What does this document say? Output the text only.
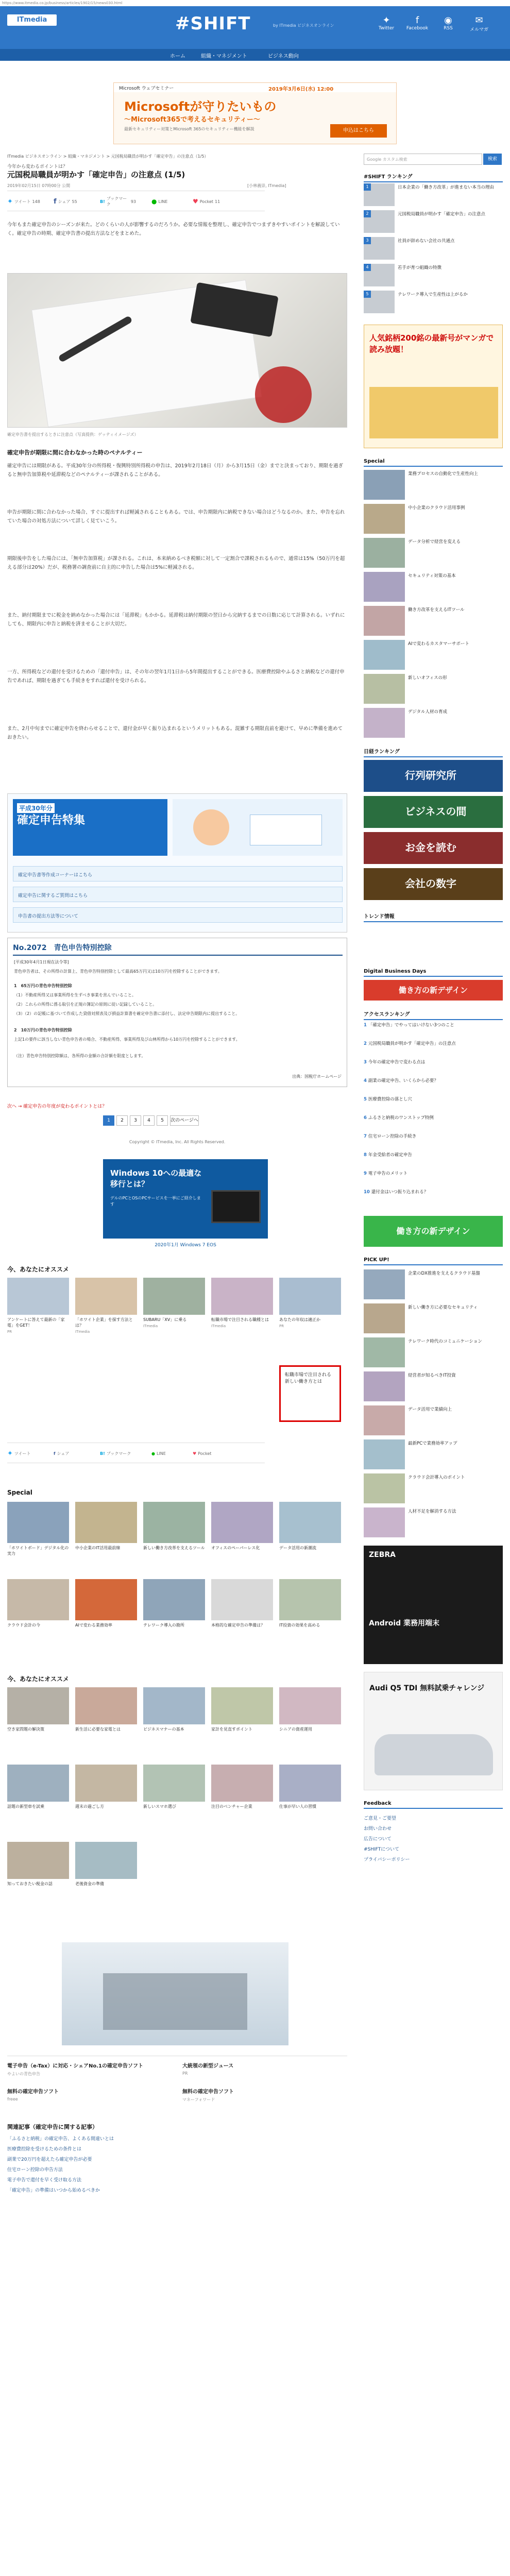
https://www.itmedia.co.jp/business/articles/1902/15/news030.html
ITmedia	#SHIFT	by ITmedia ビジネスオンライン	✦
Twitter
f
Facebook
◉
RSS
✉
メルマガ
ホーム	組織・マネジメント	ビジネス動向
Microsoft ウェブセミナー	2019年3月6日(水) 12:00
Microsoftが守りたいもの
〜Microsoft365で考えるセキュリティー〜
最新セキュリティー対策とMicrosoft 365のセキュリティー機能を解説	申込はこちら
ITmedia ビジネスオンライン > 組織・マネジメント > 元国税局職員が明かす「確定申告」の注意点（1/5）
今年から変わるポイントは？
元国税局職員が明かす「確定申告」の注意点 (1/5)
2019年02月15日 07時00分 公開	[小林義崇, ITmedia]
✦ ツイート 148 f シェア 55	B!
ブックマーク
93	● LINE	♥ Pocket 11
今年もまた確定申告のシーズンが来た。どのくらいの人が影響するのだろうか。必要な情報を整理し、確定申告でつまずきやすいポイントを解説していく。確定申告の時期、確定申告書の提出方法などをまとめた。
確定申告書を提出するときに注意点（写真提供：ゲッティイメージズ）
確定申告が期限に間に合わなかった時のペナルティー
確定申告には期限がある。平成30年分の所得税・復興特別所得税の申告は、2019年2月18日（月）から3月15日（金）までと決まっており、期限を過ぎると無申告加算税や延滞税などのペナルティーが課されることがある。
申告が期限に間に合わなかった場合、すぐに提出すれば軽減されることもある。では、申告期限内に納税できない場合はどうなるのか。また、申告を忘れていた場合の対処方法について詳しく見ていこう。
期限後申告をした場合には、「無申告加算税」が課される。これは、本来納めるべき税額に対して一定割合で課税されるもので、通常は15%（50万円を超える部分は20%）だが、税務署の調査前に自主的に申告した場合は5%に軽減される。
また、納付期限までに税金を納めなかった場合には「延滞税」もかかる。延滞税は納付期限の翌日から完納するまでの日数に応じて計算される。いずれにしても、期限内に申告と納税を済ませることが大切だ。
一方、所得税などの還付を受けるための「還付申告」は、その年の翌年1月1日から5年間提出することができる。医療費控除やふるさと納税などの還付申告であれば、期限を過ぎても手続きをすれば還付を受けられる。
また、2月中旬までに確定申告を終わらせることで、還付金が早く振り込まれるというメリットもある。混雑する期限直前を避けて、早めに準備を進めておきたい。
平成30年分
確定申告特集
確定申告書等作成コーナーはこちら
確定申告に関するご質問はこちら
申告書の提出方法等について
No.2072　青色申告特別控除
[平成30年4月1日現在法令等]
青色申告者は、その所得の計算上、青色申告特別控除として最高65万円又は10万円を控除することができます。
1　65万円の青色申告特別控除
（1）不動産所得又は事業所得を生ずべき事業を営んでいること。
（2）これらの所得に係る取引を正規の簿記の原則に従い記録していること。
（3）（2）の記帳に基づいて作成した貸借対照表及び損益計算書を確定申告書に添付し、法定申告期限内に提出すること。
2　10万円の青色申告特別控除
上記1の要件に該当しない青色申告者の場合、不動産所得、事業所得及び山林所得から10万円を控除することができます。
（注）青色申告特別控除額は、各所得の金額の合計額を限度とします。
出典：国税庁ホームページ
次へ → 確定申告の年度が変わるポイントとは？
1	2	3	4	5	次のページへ
Copyright © ITmedia, Inc. All Rights Reserved.
Windows 10への最適な移行とは？
デルのPCとOSのPCサービスを一挙にご紹介します
2020年1月 Windows 7 EOS
今、あなたにオススメ
アンケートに答えて最新の「家電」をGET！
PR
「ホワイト企業」を探す方法とは？
ITmedia
SUBARU「XV」に乗る
ITmedia
転職市場で注目される職種とは
ITmedia
あなたの年収は適正か
PR
転職市場で注目される新しい働き方とは
✦ ツイート	f シェア	B! ブックマーク	● LINE	♥ Pocket
Special
「ホワイトボード」デジタル化の実力
中小企業のIT活用最前線	新しい働き方改革を支えるツール オフィスのペーパーレス化	データ活用の新潮流
クラウド会計の今	AIで変わる業務効率	テレワーク導入の勘所	本格的な確定申告の準備は？	IT投資の効果を高める
今、あなたにオススメ
空き家問題の解決策	新生活に必要な家電とは	ビジネスマナーの基本	家計を見直すポイント	シニアの資産運用
話題の新型車を試乗	週末の過ごし方	新しいスマホ選び	注目のベンチャー企業	仕事が早い人の習慣
知っておきたい税金の話	老後資金の準備
電子申告（e-Tax）に対応・シェアNo.1の確定申告ソフト
やよいの青色申告
大統領の新型ジュース
PR
無料の確定申告ソフト
freee
無料の確定申告ソフト
マネーフォワード
関連記事（確定申告に関する記事）
「ふるさと納税」の確定申告、よくある間違いとは
医療費控除を受けるための条件とは
副業で20万円を超えたら確定申告が必要
住宅ローン控除の申告方法
電子申告で還付を早く受け取る方法
「確定申告」の準備はいつから始めるべきか
Google カスタム検索	検索
#SHIFT ランキング
1	日本企業の「働き方改革」が進まない本当の理由
2	元国税局職員が明かす「確定申告」の注意点
3	社員が辞めない会社の共通点
4	若手が育つ組織の特徴
5	テレワーク導入で生産性は上がるか
人気銘柄200銘の最新号がマンガで読み放題！
Special
業務プロセスの自動化で生産性向上
中小企業のクラウド活用事例
データ分析で経営を変える
セキュリティ対策の基本
働き方改革を支えるITツール
AIで変わるカスタマーサポート
新しいオフィスの形
デジタル人材の育成
日経ランキング
行列研究所
ビジネスの間
お金を読む
会社の数字
トレンド情報
Digital Business Days
働き方の新デザイン
アクセスランキング
1 「確定申告」でやってはいけない3つのこと
2 元国税局職員が明かす「確定申告」の注意点
3 今年の確定申告で変わる点は
4 副業の確定申告、いくらから必要？
5 医療費控除の落とし穴
6 ふるさと納税のワンストップ特例
7 住宅ローン控除の手続き
8 年金受給者の確定申告
9 電子申告のメリット
10 還付金はいつ振り込まれる？
働き方の新デザイン
PICK UP!
企業のDX推進を支えるクラウド基盤
新しい働き方に必要なセキュリティ
テレワーク時代のコミュニケーション
経営者が知るべきIT投資
データ活用で業績向上
最新PCで業務効率アップ
クラウド会計導入のポイント
人材不足を解消する方法
ZEBRA
Android 業務用端末
Audi Q5 TDI 無料試乗チャレンジ
Feedback
ご意見・ご要望
お問い合わせ
広告について
#SHIFTについて
プライバシーポリシー
